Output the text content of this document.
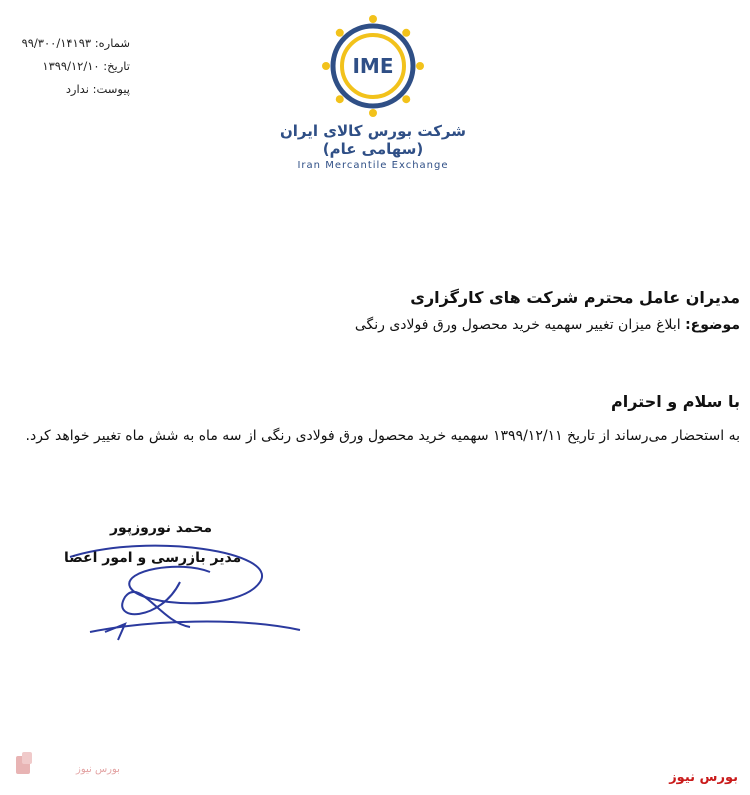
شماره: ۹۹/۳۰۰/۱۴۱۹۳
تاریخ: ۱۳۹۹/۱۲/۱۰
پیوست: ندارد
IME
شرکت بورس کالای ایران (سهامی عام)
Iran Mercantile Exchange
مدیران عامل محترم شرکت های کارگزاری
موضوع: ابلاغ میزان تغییر سهمیه خرید محصول ورق فولادی رنگی
با سلام و احترام
به استحضار می‌رساند از تاریخ ۱۳۹۹/۱۲/۱۱ سهمیه خرید محصول ورق فولادی رنگی از سه ماه به شش ماه تغییر خواهد کرد.
محمد نوروزپور
مدیر بازرسی و امور اعضا
بورس نیوز
بورس نیوز
